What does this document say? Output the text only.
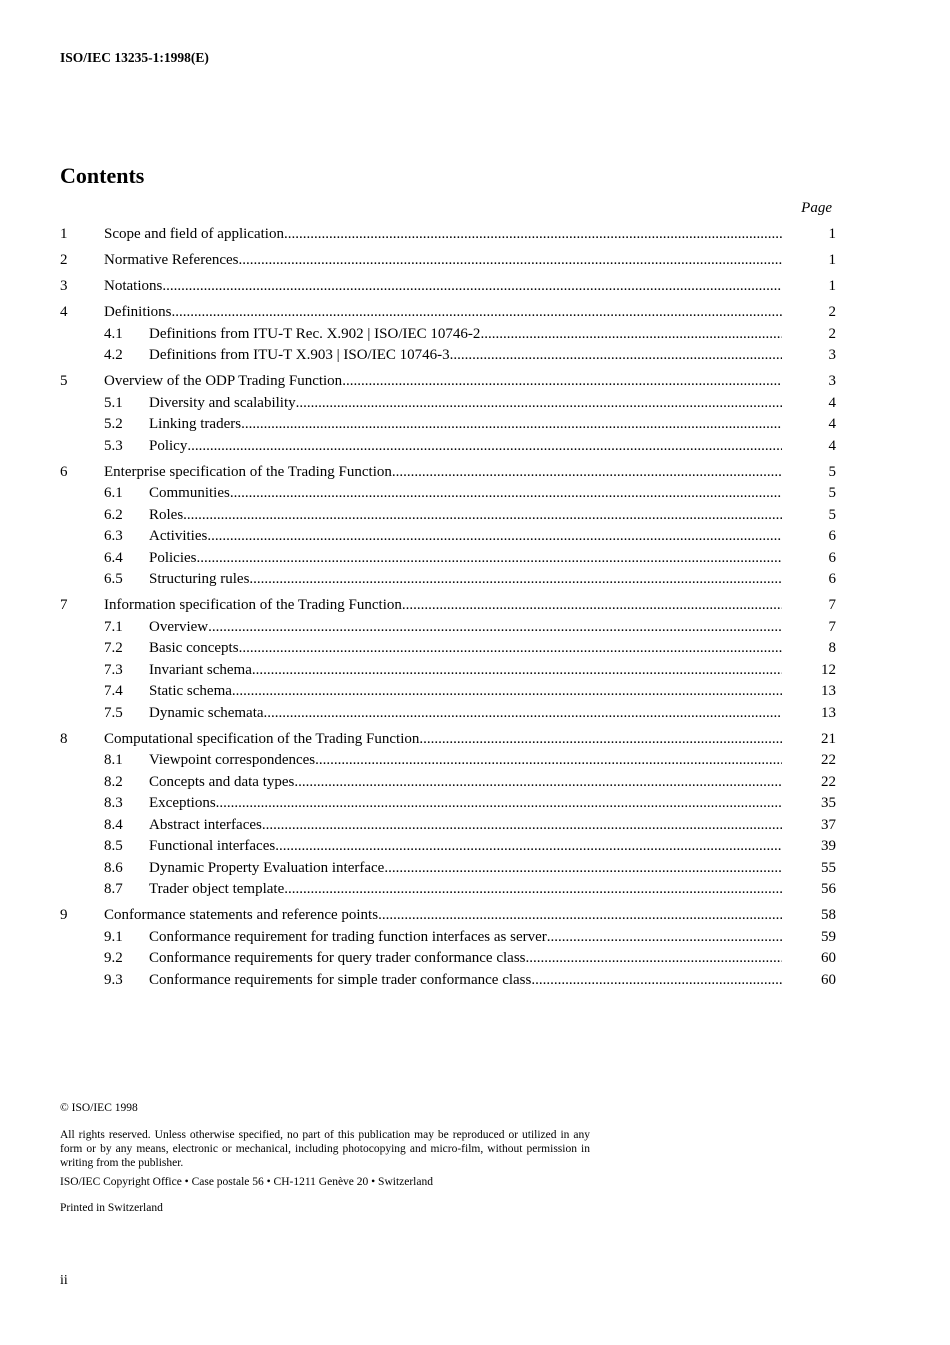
ISO/IEC 13235-1:1998(E)
Contents
Page
1	Scope and field of application .....	1
2	Normative References .....	1
3	Notations .....	1
4	Definitions .....	2
4.1	Definitions from ITU-T Rec. X.902 | ISO/IEC 10746-2 .....	2
4.2	Definitions from ITU-T X.903 | ISO/IEC 10746-3 .....	3
5	Overview of the ODP Trading Function .....	3
5.1	Diversity and scalability .....	4
5.2	Linking traders .....	4
5.3	Policy .....	4
6	Enterprise specification of the Trading Function .....	5
6.1	Communities .....	5
6.2	Roles .....	5
6.3	Activities .....	6
6.4	Policies .....	6
6.5	Structuring rules .....	6
7	Information specification of the Trading Function .....	7
7.1	Overview .....	7
7.2	Basic concepts .....	8
7.3	Invariant schema .....	12
7.4	Static schema .....	13
7.5	Dynamic schemata .....	13
8	Computational specification of the Trading Function .....	21
8.1	Viewpoint correspondences .....	22
8.2	Concepts and data types .....	22
8.3	Exceptions .....	35
8.4	Abstract interfaces .....	37
8.5	Functional interfaces .....	39
8.6	Dynamic Property Evaluation interface .....	55
8.7	Trader object template .....	56
9	Conformance statements and reference points .....	58
9.1	Conformance requirement for trading function interfaces as server .....	59
9.2	Conformance requirements for query trader conformance class .....	60
9.3	Conformance requirements for simple trader conformance class .....	60
© ISO/IEC 1998
All rights reserved. Unless otherwise specified, no part of this publication may be reproduced or utilized in any form or by any means, electronic or mechanical, including photocopying and micro-film, without permission in writing from the publisher.
ISO/IEC Copyright Office • Case postale 56 • CH-1211 Genève 20 • Switzerland
Printed in Switzerland
ii
